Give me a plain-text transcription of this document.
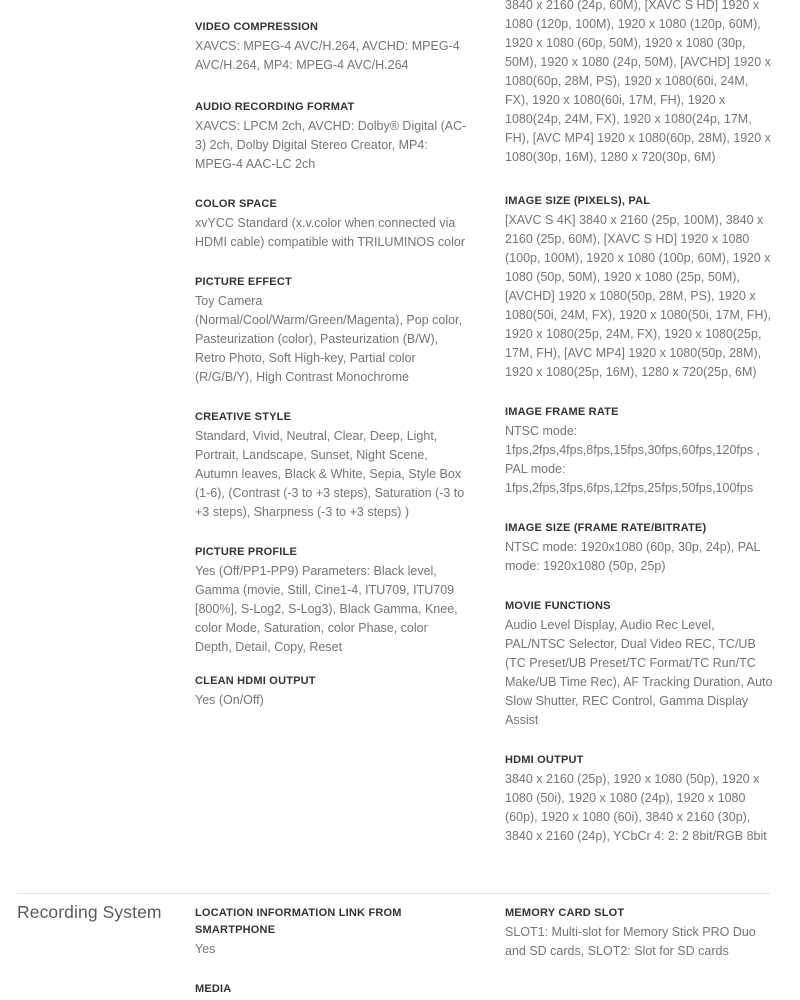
VIDEO COMPRESSION
XAVCS: MPEG-4 AVC/H.264, AVCHD: MPEG-4 AVC/H.264, MP4: MPEG-4 AVC/H.264
AUDIO RECORDING FORMAT
XAVCS: LPCM 2ch, AVCHD: Dolby® Digital (AC-3) 2ch, Dolby Digital Stereo Creator, MP4: MPEG-4 AAC-LC 2ch
COLOR SPACE
xvYCC Standard (x.v.color when connected via HDMI cable) compatible with TRILUMINOS color
PICTURE EFFECT
Toy Camera (Normal/Cool/Warm/Green/Magenta), Pop color, Pasteurization (color), Pasteurization (B/W), Retro Photo, Soft High-key, Partial color (R/G/B/Y), High Contrast Monochrome
CREATIVE STYLE
Standard, Vivid, Neutral, Clear, Deep, Light, Portrait, Landscape, Sunset, Night Scene, Autumn leaves, Black & White, Sepia, Style Box (1-6), (Contrast (-3 to +3 steps), Saturation (-3 to +3 steps), Sharpness (-3 to +3 steps) )
PICTURE PROFILE
Yes (Off/PP1-PP9) Parameters: Black level, Gamma (movie, Still, Cine1-4, ITU709, ITU709 [800%], S-Log2, S-Log3), Black Gamma, Knee, color Mode, Saturation, color Phase, color Depth, Detail, Copy, Reset
CLEAN HDMI OUTPUT
Yes (On/Off)
3840 x 2160 (24p, 60M), [XAVC S HD] 1920 x 1080 (120p, 100M), 1920 x 1080 (120p, 60M), 1920 x 1080 (60p, 50M), 1920 x 1080 (30p, 50M), 1920 x 1080 (24p, 50M), [AVCHD] 1920 x 1080(60p, 28M, PS), 1920 x 1080(60i, 24M, FX), 1920 x 1080(60i, 17M, FH), 1920 x 1080(24p, 24M, FX), 1920 x 1080(24p, 17M, FH), [AVC MP4] 1920 x 1080(60p, 28M), 1920 x 1080(30p, 16M), 1280 x 720(30p, 6M)
IMAGE SIZE (PIXELS), PAL
[XAVC S 4K] 3840 x 2160 (25p, 100M), 3840 x 2160 (25p, 60M), [XAVC S HD] 1920 x 1080 (100p, 100M), 1920 x 1080 (100p, 60M), 1920 x 1080 (50p, 50M), 1920 x 1080 (25p, 50M), [AVCHD] 1920 x 1080(50p, 28M, PS), 1920 x 1080(50i, 24M, FX), 1920 x 1080(50i, 17M, FH), 1920 x 1080(25p, 24M, FX), 1920 x 1080(25p, 17M, FH), [AVC MP4] 1920 x 1080(50p, 28M), 1920 x 1080(25p, 16M), 1280 x 720(25p, 6M)
IMAGE FRAME RATE
NTSC mode: 1fps,2fps,4fps,8fps,15fps,30fps,60fps,120fps , PAL mode: 1fps,2fps,3fps,6fps,12fps,25fps,50fps,100fps
IMAGE SIZE (FRAME RATE/BITRATE)
NTSC mode: 1920x1080 (60p, 30p, 24p), PAL mode: 1920x1080 (50p, 25p)
MOVIE FUNCTIONS
Audio Level Display, Audio Rec Level, PAL/NTSC Selector, Dual Video REC, TC/UB (TC Preset/UB Preset/TC Format/TC Run/TC Make/UB Time Rec), AF Tracking Duration, Auto Slow Shutter, REC Control, Gamma Display Assist
HDMI OUTPUT
3840 x 2160 (25p), 1920 x 1080 (50p), 1920 x 1080 (50i), 1920 x 1080 (24p), 1920 x 1080 (60p), 1920 x 1080 (60i), 3840 x 2160 (30p), 3840 x 2160 (24p), YCbCr 4: 2: 2 8bit/RGB 8bit
Recording System	LOCATION INFORMATION LINK FROM SMARTPHONE
Yes
MEDIA
MEMORY CARD SLOT
SLOT1: Multi-slot for Memory Stick PRO Duo and SD cards, SLOT2: Slot for SD cards
